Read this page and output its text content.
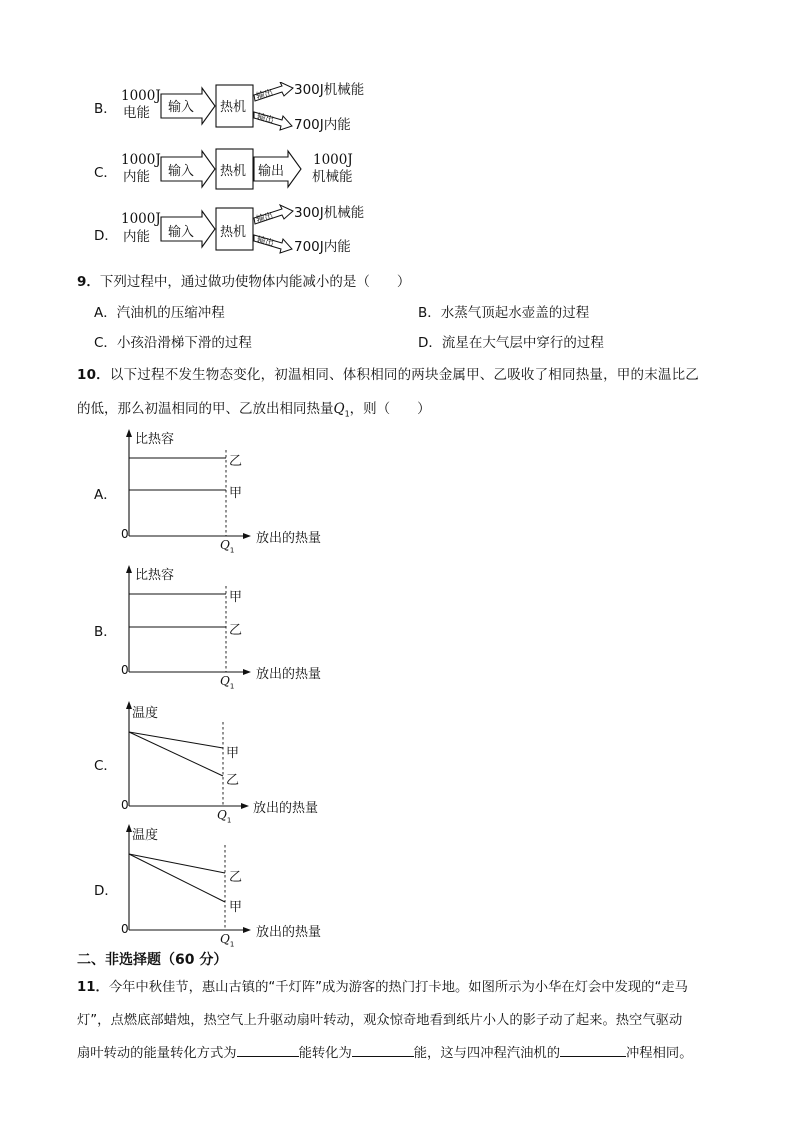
B．
1000J
电能 输入 热机
输出
输出
300J机械能
700J内能
C．
1000J
内能 输入 热机 输出
1000J
机械能
D．
1000J
内能 输入 热机
输出
输出
300J机械能
700J内能
9．下列过程中，通过做功使物体内能减小的是（　　）
A．汽油机的压缩冲程	B．水蒸气顶起水壶盖的过程
C．小孩沿滑梯下滑的过程	D．流星在大气层中穿行的过程
10．以下过程不发生物态变化，初温相同、体积相同的两块金属甲、乙吸收了相同热量，甲的末温比乙
的低，那么初温相同的甲、乙放出相同热量$Q_1$，则（　　）
A．
比热容
乙
甲
0
$Q_1$
放出的热量
B．
比热容
甲
乙
0
$Q_1$
放出的热量
C．
温度
甲
乙
0
$Q_1$
放出的热量
D．
温度
乙
甲
0
$Q_1$
放出的热量
二、非选择题（60 分）
11．今年中秋佳节，惠山古镇的“千灯阵”成为游客的热门打卡地。如图所示为小华在灯会中发现的“走马
灯”，点燃底部蜡烛，热空气上升驱动扇叶转动，观众惊奇地看到纸片小人的影子动了起来。热空气驱动
扇叶转动的能量转化方式为	能转化为	能，这与四冲程汽油机的	冲程相同。
